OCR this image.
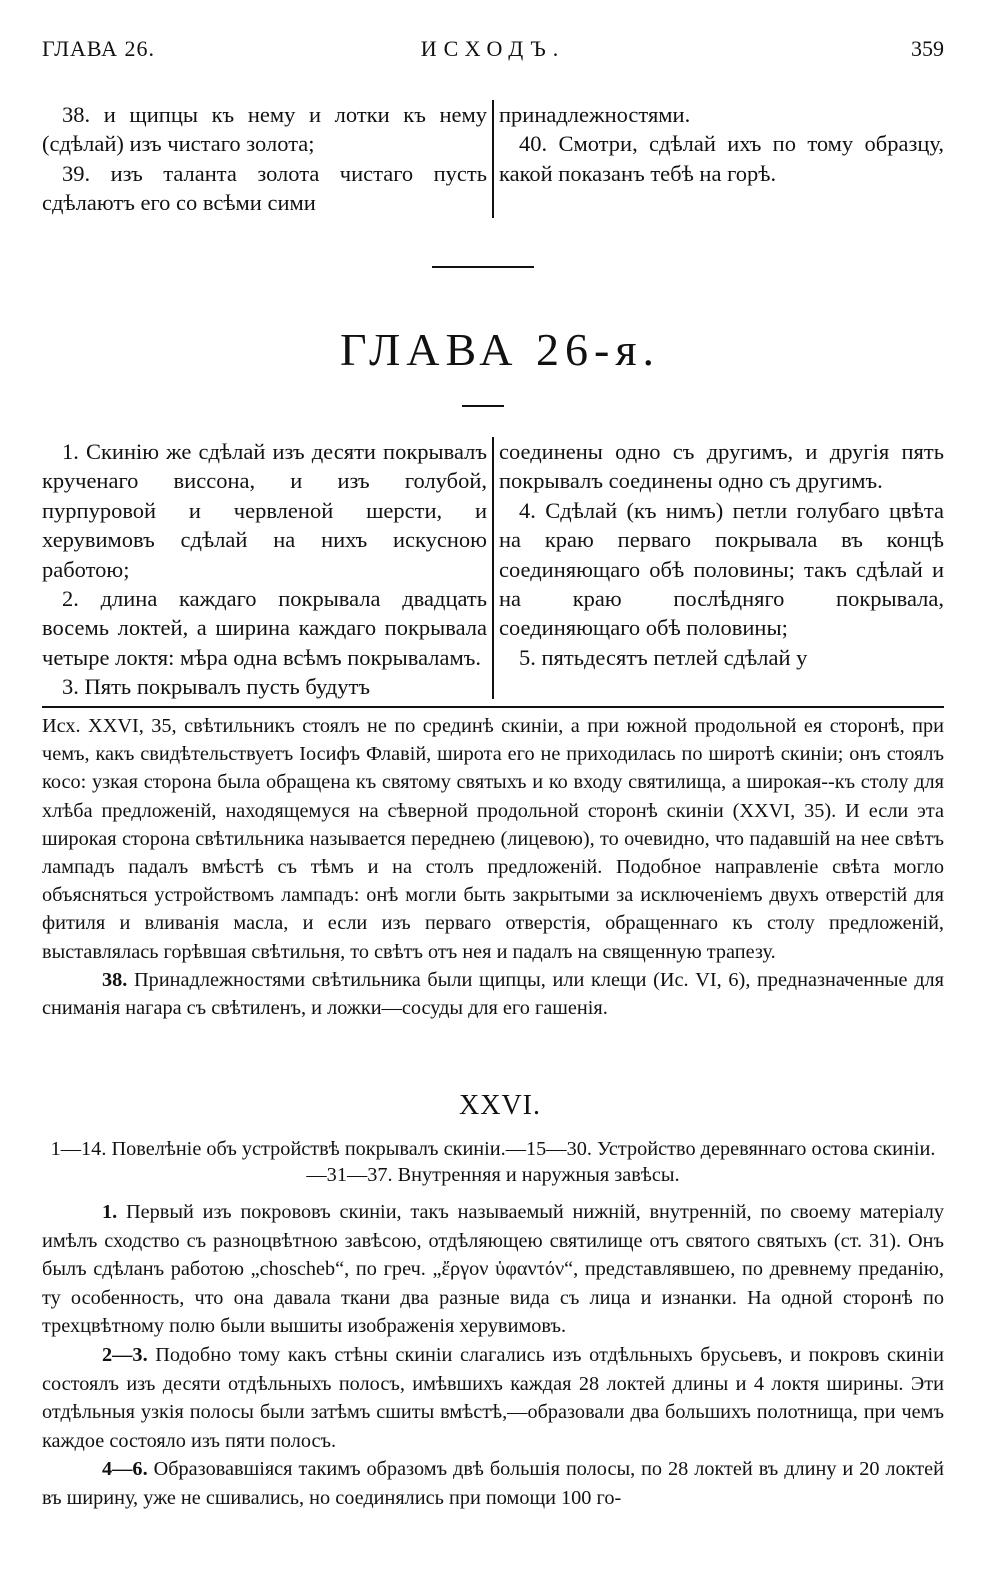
ГЛАВА 26.	ИСХОДЪ.	359

38. и щипцы къ нему и лотки къ нему (сдѣлай) изъ чистаго золота;

39. изъ таланта золота чистаго пусть сдѣлаютъ его со всѣми сими

принадлежностями.

40. Смотри, сдѣлай ихъ по тому образцу, какой показанъ тебѣ на горѣ.

ГЛАВА 26-я.

1. Скинію же сдѣлай изъ десяти покрывалъ крученаго виссона, и изъ голубой, пурпуровой и червленой шерсти, и херувимовъ сдѣлай на нихъ искусною работою;

2. длина каждаго покрывала двадцать восемь локтей, а ширина каждаго покрывала четыре локтя: мѣра одна всѣмъ покрываламъ.

3. Пять покрывалъ пусть будутъ

соединены одно съ другимъ, и другія пять покрывалъ соединены одно съ другимъ.

4. Сдѣлай (къ нимъ) петли голубаго цвѣта на краю перваго покрывала въ концѣ соединяющаго обѣ половины; такъ сдѣлай и на краю послѣдняго покрывала, соединяющаго обѣ половины;

5. пятьдесятъ петлей сдѣлай у

Исх. XXVI, 35, свѣтильникъ стоялъ не по срединѣ скиніи, а при южной продольной ея сторонѣ, при чемъ, какъ свидѣтельствуетъ Іосифъ Флавій, широта его не приходилась по широтѣ скиніи; онъ стоялъ косо: узкая сторона была обращена къ святому святыхъ и ко входу святилища, а широкая--къ столу для хлѣба предложеній, находящемуся на сѣверной продольной сторонѣ скиніи (XXVI, 35). И если эта широкая сторона свѣтильника называется переднею (лицевою), то очевидно, что падавшій на нее свѣтъ лампадъ падалъ вмѣстѣ съ тѣмъ и на столъ предложеній. Подобное направленіе свѣта могло объясняться устройствомъ лампадъ: онѣ могли быть закрытыми за исключеніемъ двухъ отверстій для фитиля и вливанія масла, и если изъ перваго отверстія, обращеннаго къ столу предложеній, выставлялась горѣвшая свѣтильня, то свѣтъ отъ нея и падалъ на священную трапезу.

38. Принадлежностями свѣтильника были щипцы, или клещи (Ис. VI, 6), предназначенные для сниманія нагара съ свѣтиленъ, и ложки—сосуды для его гашенія.

XXVI.
1—14. Повелѣніе объ устройствѣ покрывалъ скиніи.—15—30. Устройство деревяннаго остова скиніи.—31—37. Внутренняя и наружныя завѣсы.

1. Первый изъ покрововъ скиніи, такъ называемый нижній, внутренній, по своему матеріалу имѣлъ сходство съ разноцвѣтною завѣсою, отдѣляющею святилище отъ святого святыхъ (ст. 31). Онъ былъ сдѣланъ работою „choscheb“, по греч. „ἔργον ὑφαντόν“, представлявшею, по древнему преданію, ту особенность, что она давала ткани два разные вида съ лица и изнанки. На одной сторонѣ по трехцвѣтному полю были вышиты изображенія херувимовъ.

2—3. Подобно тому какъ стѣны скиніи слагались изъ отдѣльныхъ брусьевъ, и покровъ скиніи состоялъ изъ десяти отдѣльныхъ полосъ, имѣвшихъ каждая 28 локтей длины и 4 локтя ширины. Эти отдѣльныя узкія полосы были затѣмъ сшиты вмѣстѣ,—образовали два большихъ полотнища, при чемъ каждое состояло изъ пяти полосъ.

4—6. Образовавшіяся такимъ образомъ двѣ большія полосы, по 28 локтей въ длину и 20 локтей въ ширину, уже не сшивались, но соединялись при помощи 100 го-
